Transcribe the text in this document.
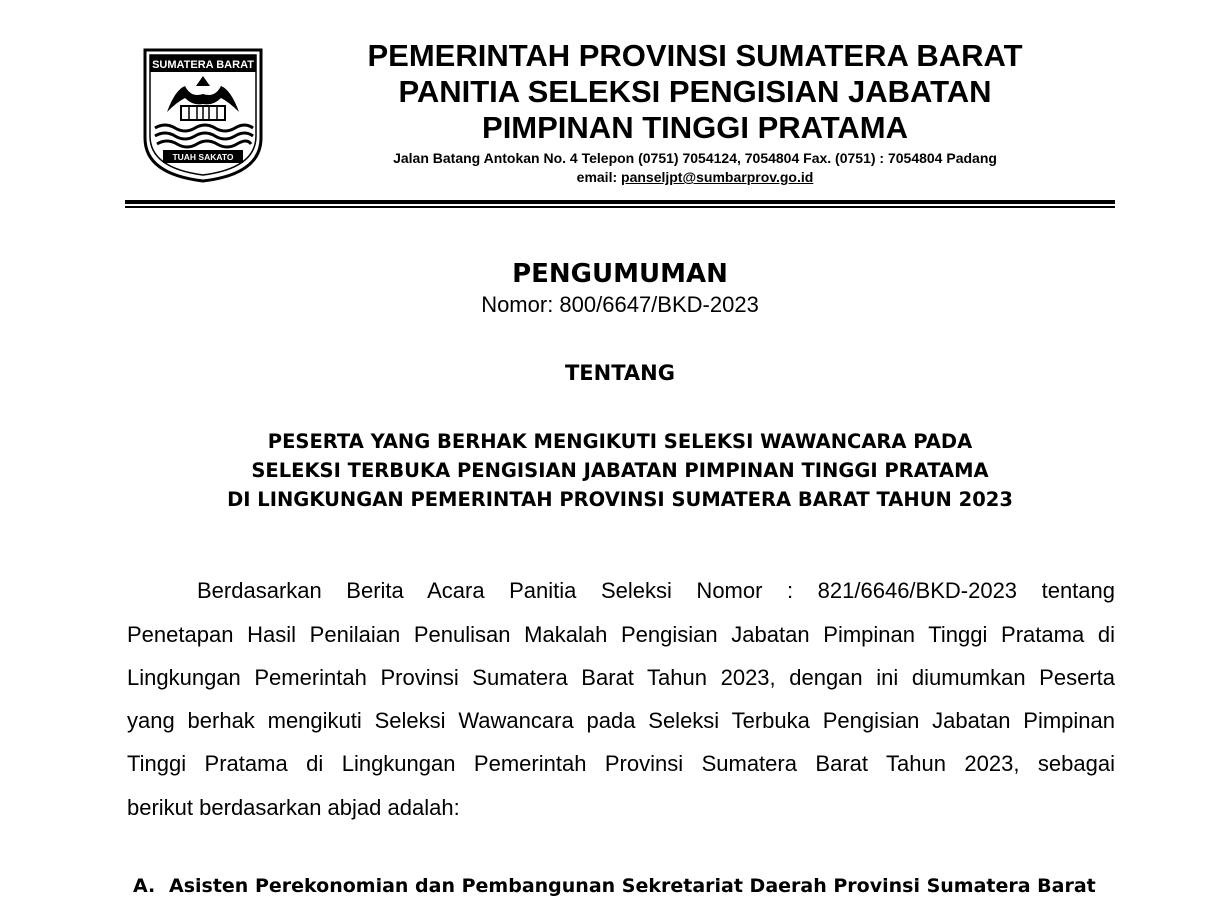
SUMATERA BARAT
TUAH SAKATO
PEMERINTAH PROVINSI SUMATERA BARAT
PANITIA SELEKSI PENGISIAN JABATAN
PIMPINAN TINGGI PRATAMA
Jalan Batang Antokan No. 4 Telepon (0751) 7054124, 7054804 Fax. (0751) : 7054804 Padang
email: panseljpt@sumbarprov.go.id
PENGUMUMAN
Nomor: 800/6647/BKD-2023
TENTANG
PESERTA YANG BERHAK MENGIKUTI SELEKSI WAWANCARA PADA
SELEKSI TERBUKA PENGISIAN JABATAN PIMPINAN TINGGI PRATAMA
DI LINGKUNGAN PEMERINTAH PROVINSI SUMATERA BARAT TAHUN 2023
Berdasarkan Berita Acara Panitia Seleksi Nomor : 821/6646/BKD-2023 tentang
Penetapan Hasil Penilaian Penulisan Makalah Pengisian Jabatan Pimpinan Tinggi Pratama di
Lingkungan Pemerintah Provinsi Sumatera Barat Tahun 2023, dengan ini diumumkan Peserta
yang berhak mengikuti Seleksi Wawancara pada Seleksi Terbuka Pengisian Jabatan Pimpinan
Tinggi Pratama di Lingkungan Pemerintah Provinsi Sumatera Barat Tahun 2023, sebagai
berikut berdasarkan abjad adalah:
A. Asisten Perekonomian dan Pembangunan Sekretariat Daerah Provinsi Sumatera Barat
